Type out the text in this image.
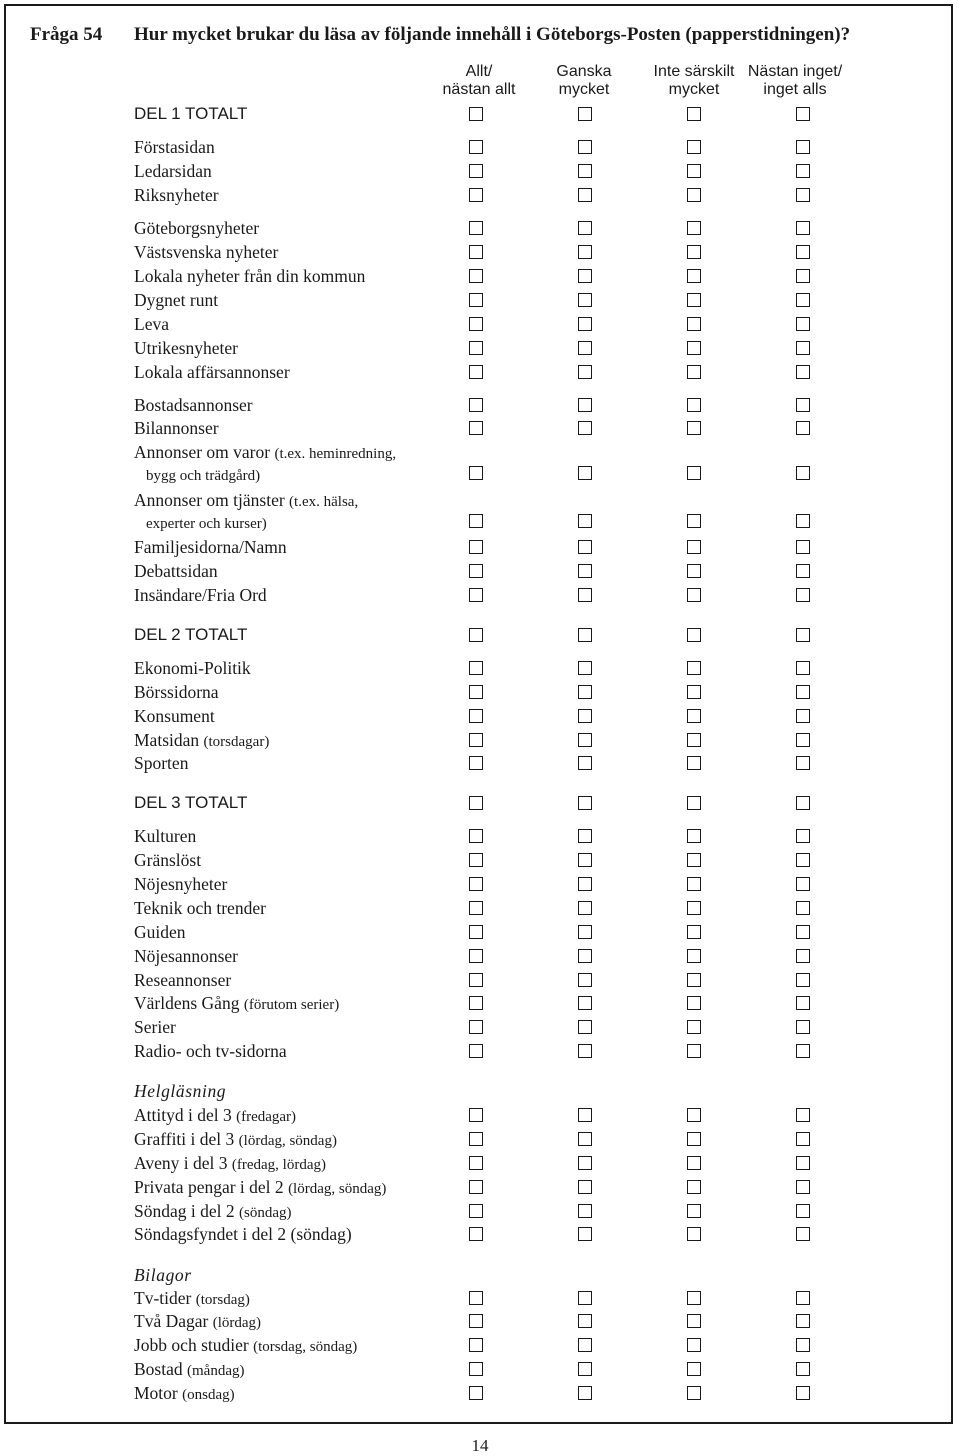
Fråga 54 Hur mycket brukar du läsa av följande innehåll i Göteborgs-Posten (papperstidningen)?
Allt/
nästan allt
Ganska
mycket
Inte särskilt
mycket
Nästan inget/
inget alls
DEL 1 TOTALT
Förstasidan
Ledarsidan
Riksnyheter
Göteborgsnyheter
Västsvenska nyheter
Lokala nyheter från din kommun
Dygnet runt
Leva
Utrikesnyheter
Lokala affärsannonser
Bostadsannonser
Bilannonser
Annonser om varor (t.ex. heminredning,
bygg och trädgård)
Annonser om tjänster (t.ex. hälsa,
experter och kurser)
Familjesidorna/Namn
Debattsidan
Insändare/Fria Ord
DEL 2 TOTALT
Ekonomi-Politik
Börssidorna
Konsument
Matsidan (torsdagar)
Sporten
DEL 3 TOTALT
Kulturen
Gränslöst
Nöjesnyheter
Teknik och trender
Guiden
Nöjesannonser
Reseannonser
Världens Gång (förutom serier)
Serier
Radio- och tv-sidorna
Attityd i del 3 (fredagar)
Graffiti i del 3 (lördag, söndag)
Aveny i del 3 (fredag, lördag)
Privata pengar i del 2 (lördag, söndag)
Söndag i del 2 (söndag)
Söndagsfyndet i del 2 (söndag)
Tv-tider (torsdag)
Två Dagar (lördag)
Jobb och studier (torsdag, söndag)
Bostad (måndag)
Motor (onsdag)
Helgläsning
Bilagor
14
